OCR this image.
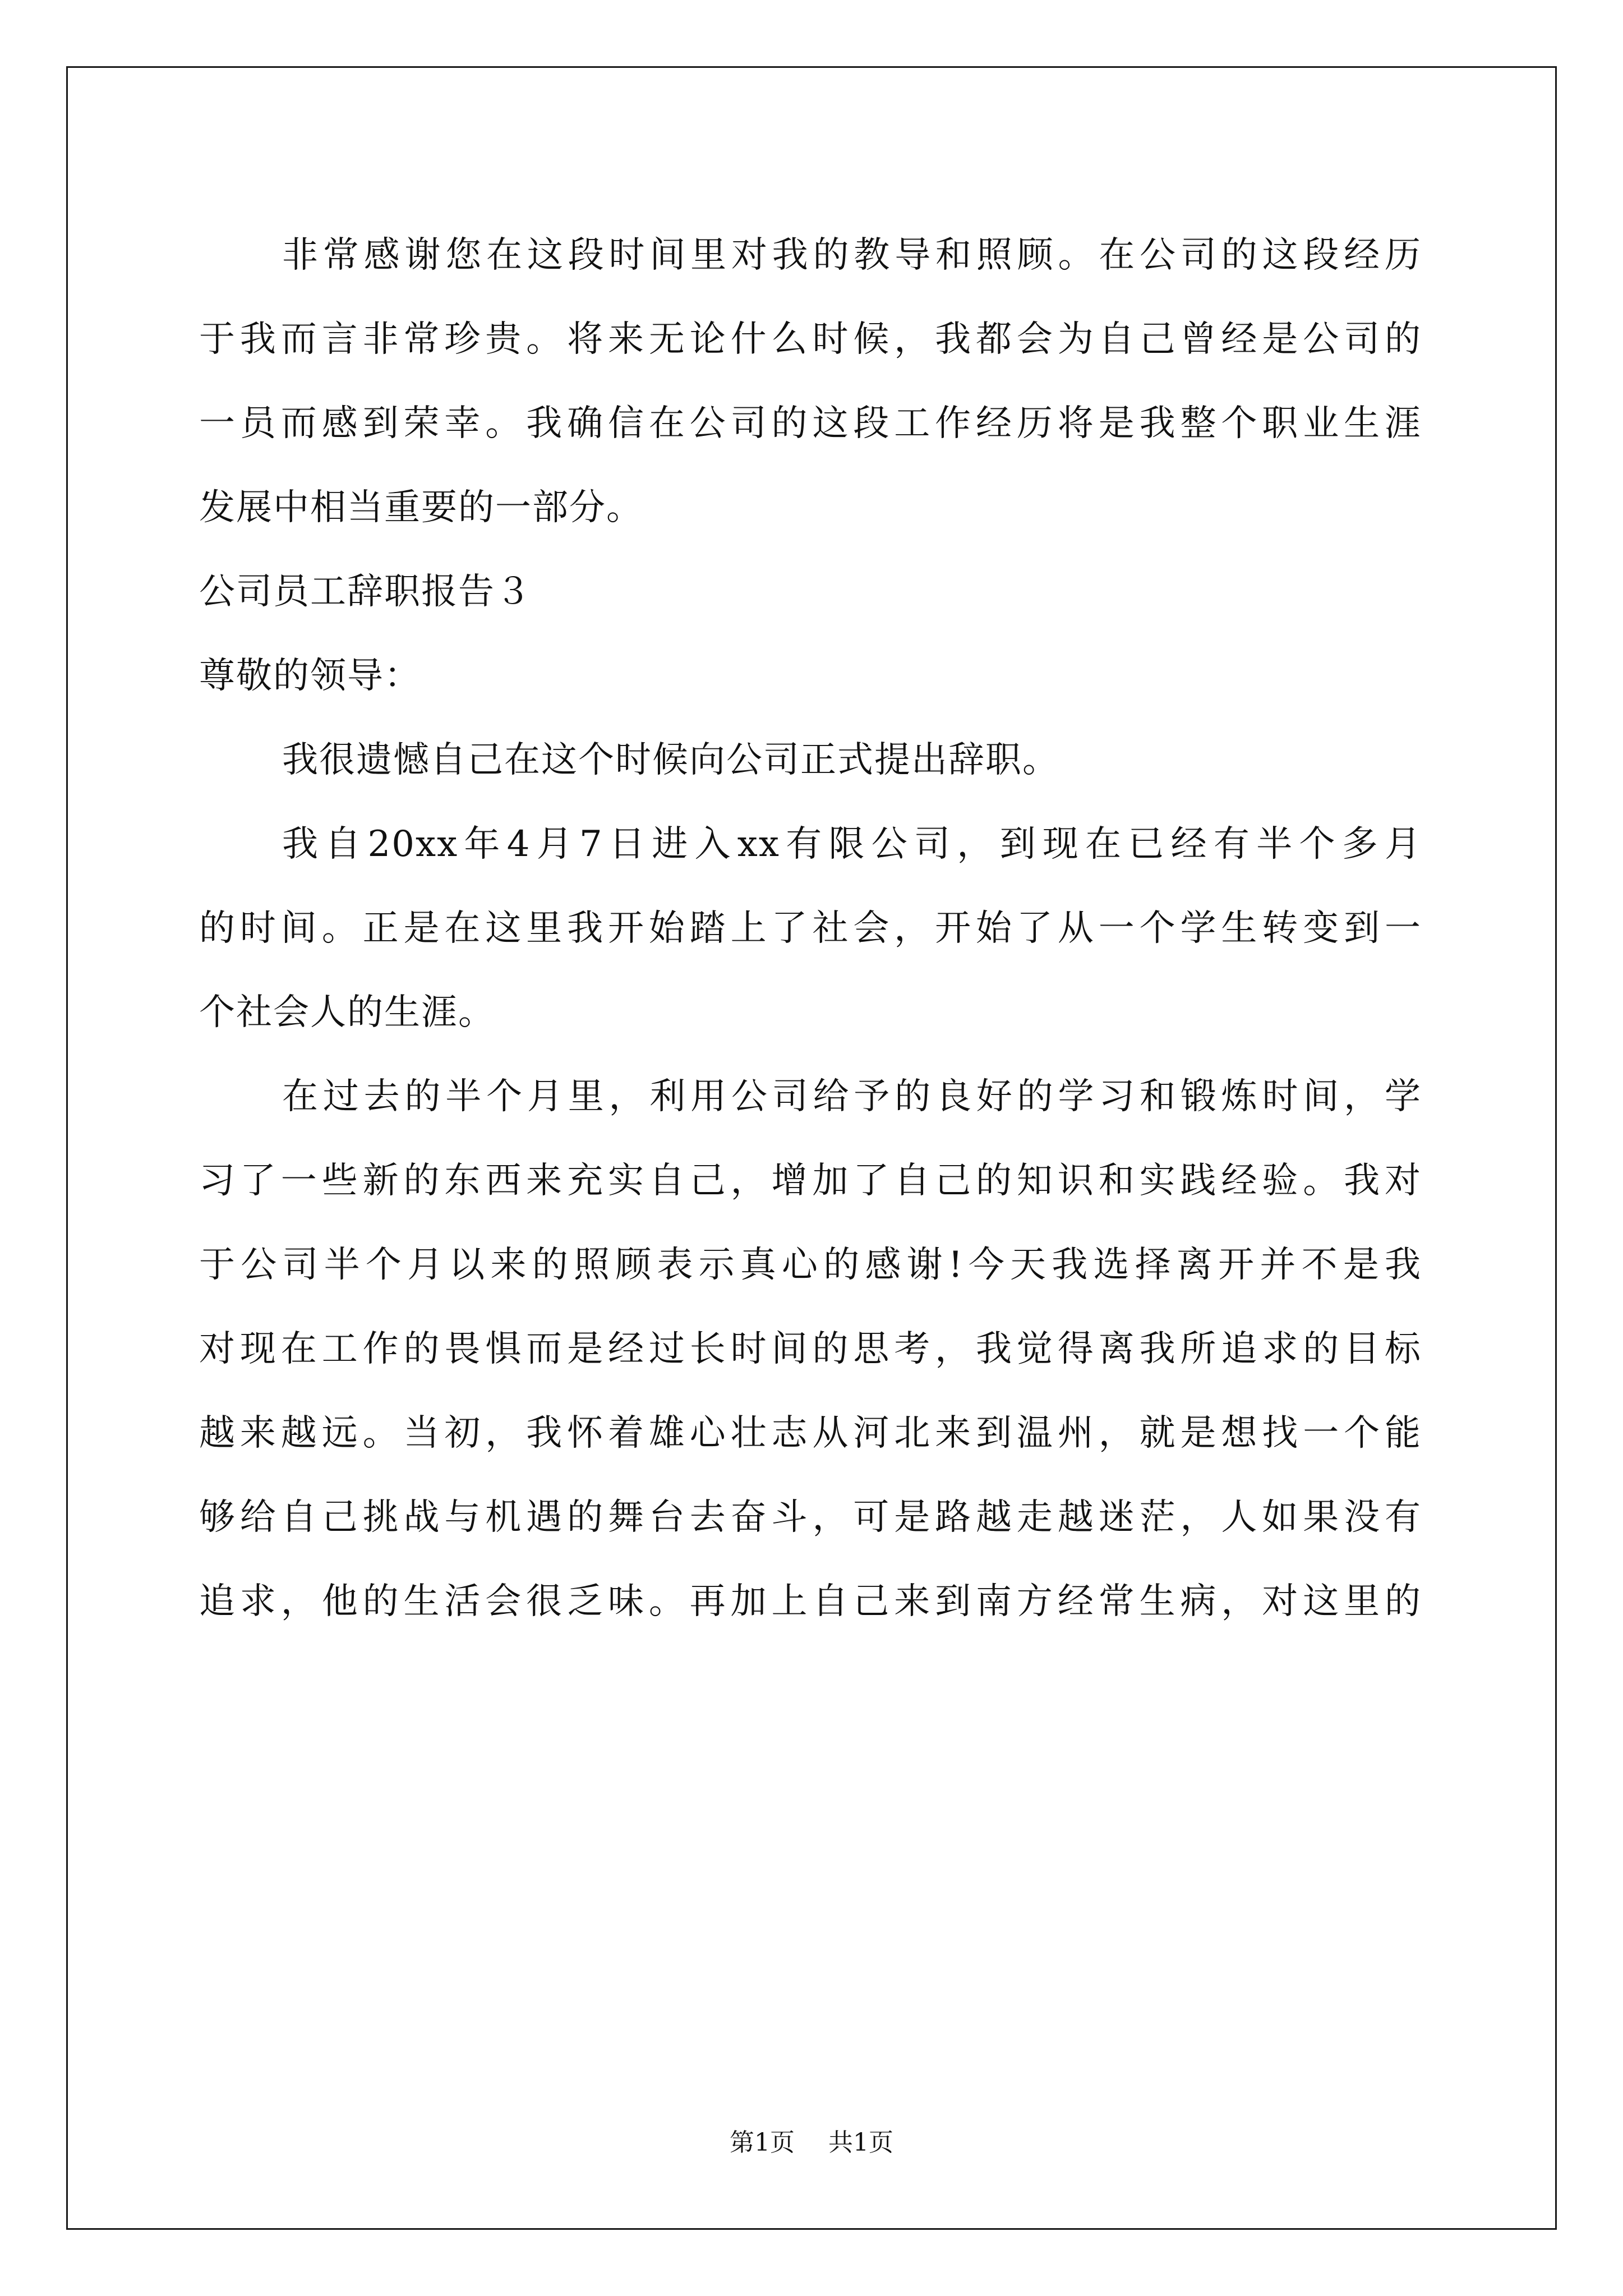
非常感谢您在这段时间里对我的教导和照顾。在公司的这段经历
于我而言非常珍贵。将来无论什么时候，我都会为自己曾经是公司的
一员而感到荣幸。我确信在公司的这段工作经历将是我整个职业生涯
发展中相当重要的一部分。
公司员工辞职报告３
尊敬的领导：
我很遗憾自己在这个时候向公司正式提出辞职。
我自20xx年4月7日进入xx有限公司，到现在已经有半个多月
的时间。正是在这里我开始踏上了社会，开始了从一个学生转变到一
个社会人的生涯。
在过去的半个月里，利用公司给予的良好的学习和锻炼时间，学
习了一些新的东西来充实自己，增加了自己的知识和实践经验。我对
于公司半个月以来的照顾表示真心的感谢!今天我选择离开并不是我
对现在工作的畏惧而是经过长时间的思考，我觉得离我所追求的目标
越来越远。当初，我怀着雄心壮志从河北来到温州，就是想找一个能
够给自己挑战与机遇的舞台去奋斗，可是路越走越迷茫，人如果没有
追求，他的生活会很乏味。再加上自己来到南方经常生病，对这里的
第1页 共1页
